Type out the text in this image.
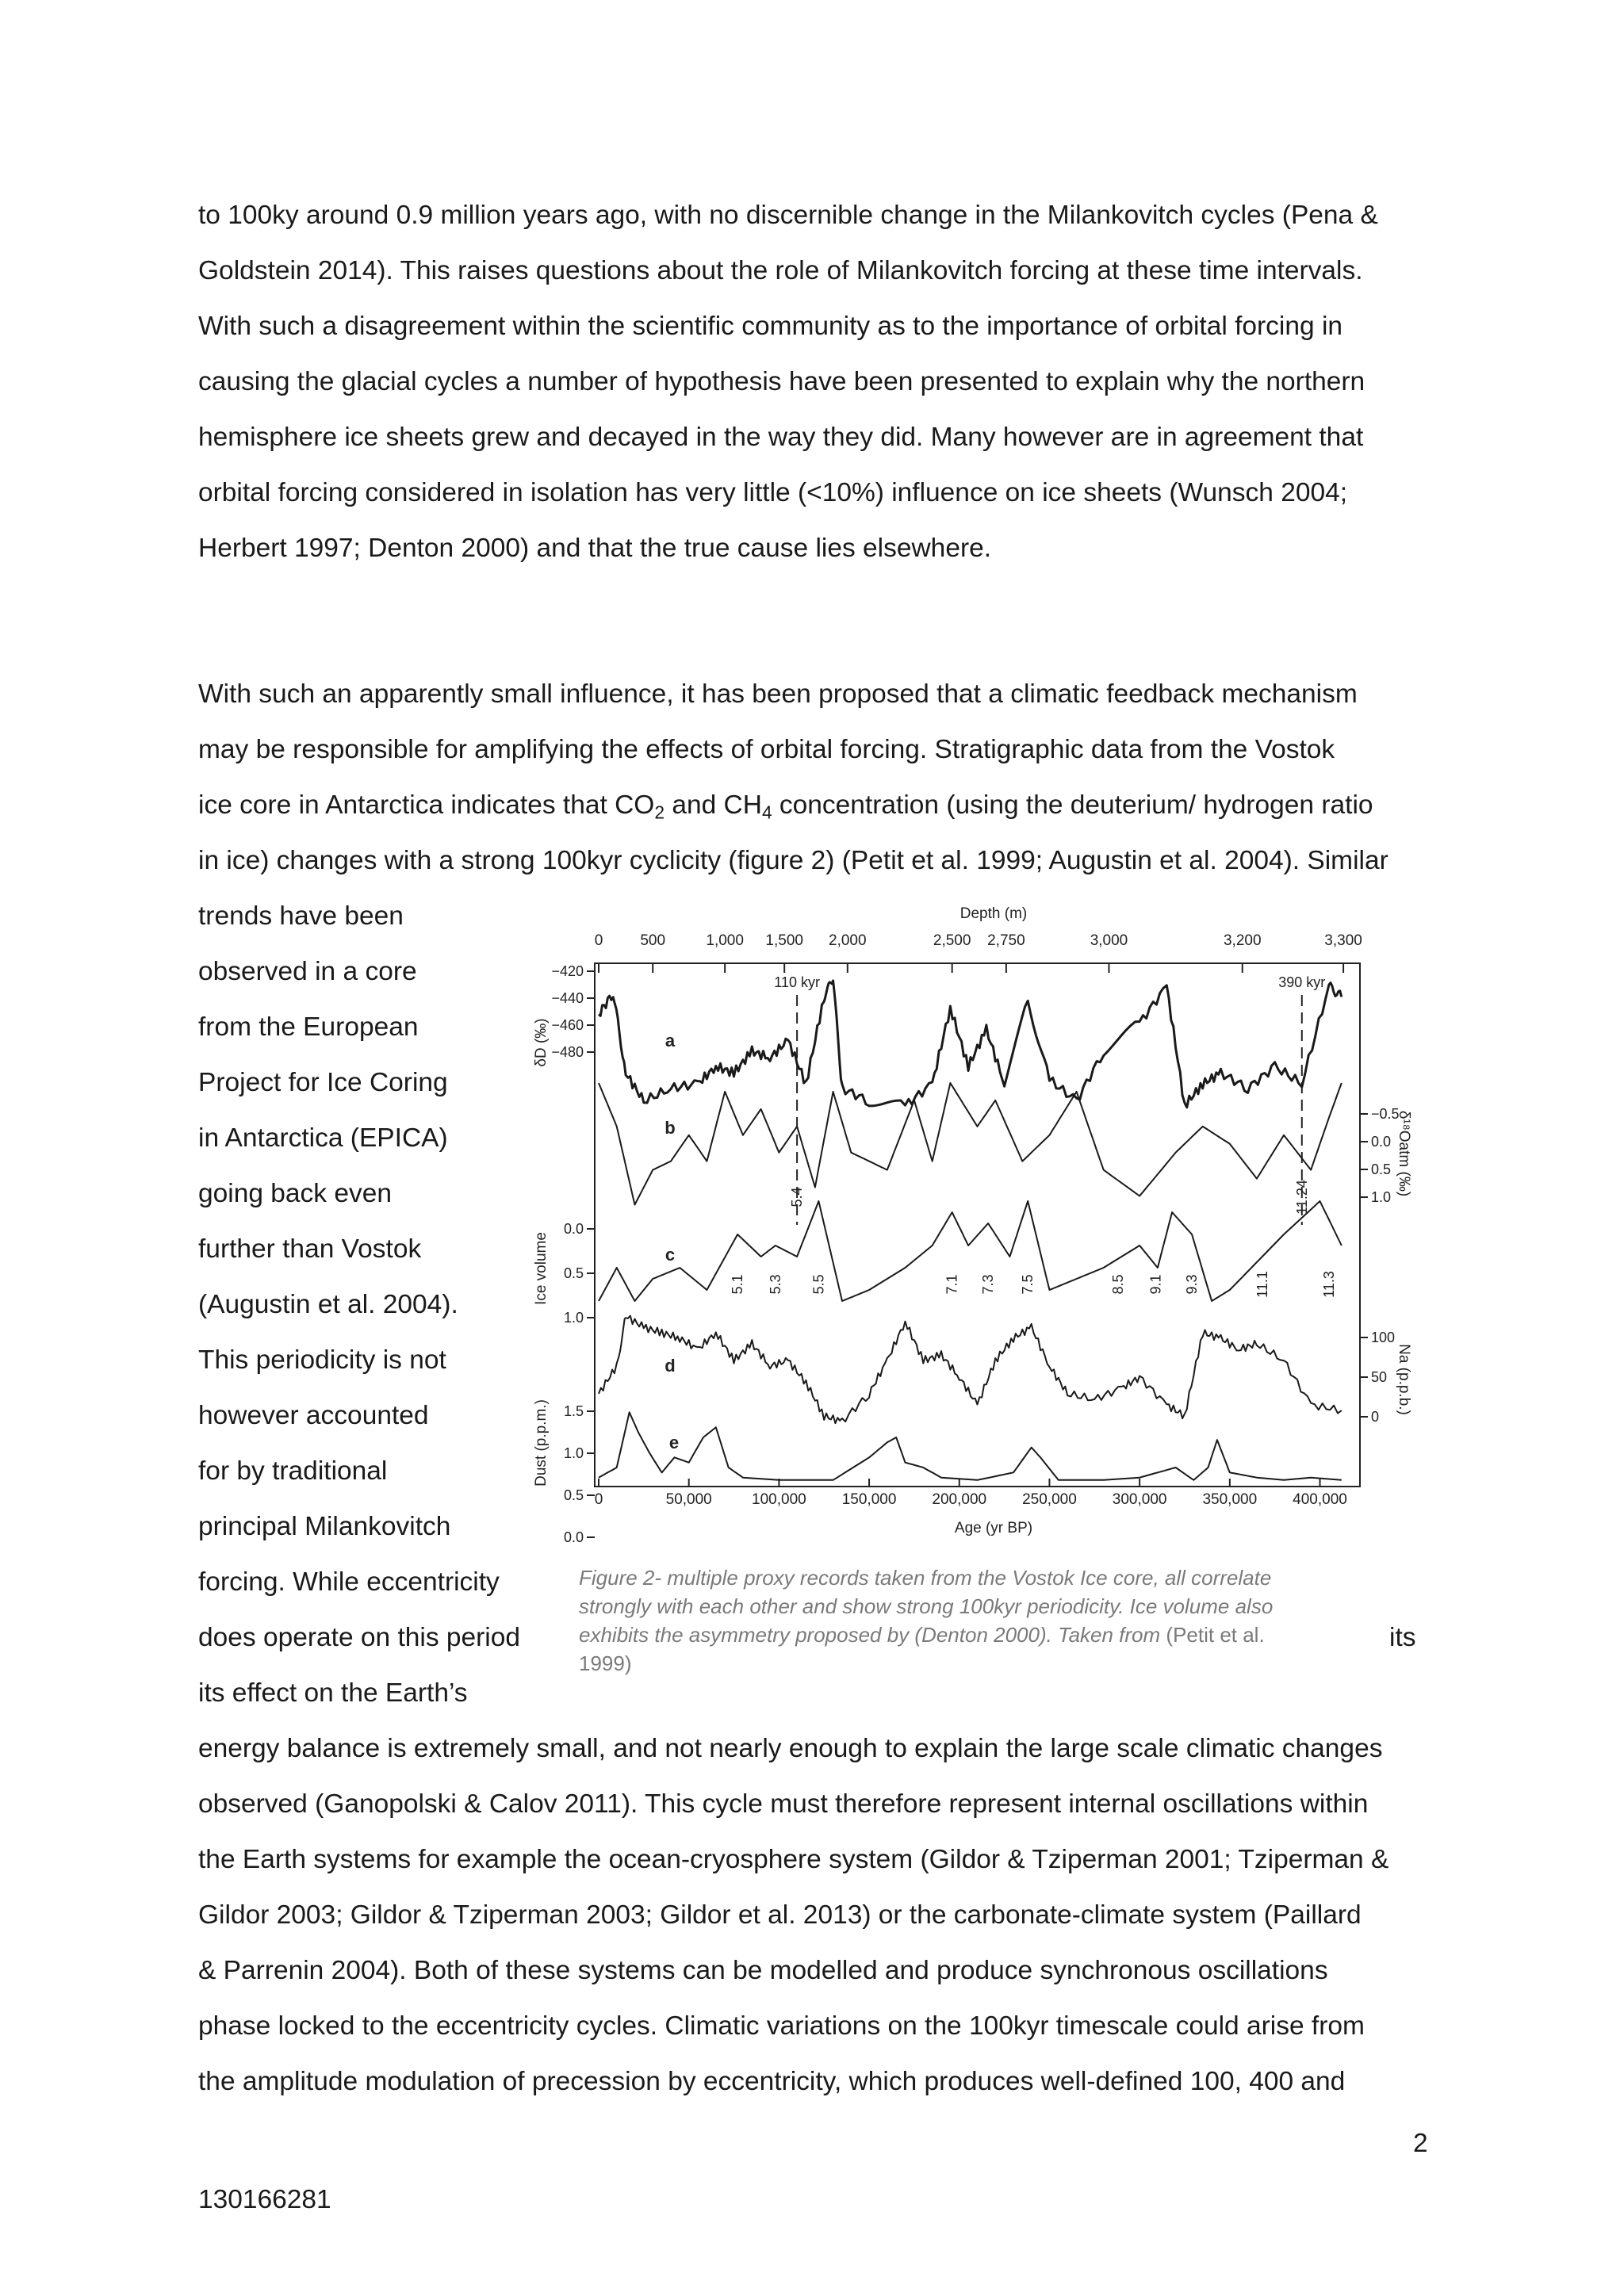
to 100ky around 0.9 million years ago, with no discernible change in the Milankovitch cycles (Pena &
Goldstein 2014). This raises questions about the role of Milankovitch forcing at these time intervals.
With such a disagreement within the scientific community as to the importance of orbital forcing in
causing the glacial cycles a number of hypothesis have been presented to explain why the northern
hemisphere ice sheets grew and decayed in the way they did. Many however are in agreement that
orbital forcing considered in isolation has very little (<10%) influence on ice sheets (Wunsch 2004;
Herbert 1997; Denton 2000) and that the true cause lies elsewhere.
With such an apparently small influence, it has been proposed that a climatic feedback mechanism
may be responsible for amplifying the effects of orbital forcing. Stratigraphic data from the Vostok
ice core in Antarctica indicates that $CO_2$ and $CH_4$ concentration (using the deuterium/ hydrogen ratio
in ice) changes with a strong 100kyr cyclicity (figure 2) (Petit et al. 1999; Augustin et al. 2004). Similar
trends have been
observed in a core
from the European
Project for Ice Coring
in Antarctica (EPICA)
going back even
further than Vostok
(Augustin et al. 2004).
This periodicity is not
however accounted
for by traditional
principal Milankovitch
forcing. While eccentricity
does operate on this period	its
its effect on the Earth’s
energy balance is extremely small, and not nearly enough to explain the large scale climatic changes
observed (Ganopolski & Calov 2011). This cycle must therefore represent internal oscillations within
the Earth systems for example the ocean-cryosphere system (Gildor & Tziperman 2001; Tziperman &
Gildor 2003; Gildor & Tziperman 2003; Gildor et al. 2013) or the carbonate-climate system (Paillard
& Parrenin 2004). Both of these systems can be modelled and produce synchronous oscillations
phase locked to the eccentricity cycles. Climatic variations on the 100kyr timescale could arise from
the amplitude modulation of precession by eccentricity, which produces well-defined 100, 400 and
Depth (m)
0 500	1,000 1,500 2,000	2,500 2,750	3,000	3,200	3,300
0	50,000	100,000 150,000 200,000 250,000 300,000 350,000 400,000
Age (yr BP)
110 kyr	390 kyr
a
−420
−440
−460
−480
δD (‰)
b
−0.5
0.0
0.5
1.0
δ¹⁸Oatm (‰)
c
0.0
0.5
1.0
Ice volume
d
100
50
0
Na (p.p.b.)
e
1.5
1.0
0.5
0.0
Dust (p.p.m.)
5.1 5.3
5.4
5.5	7.1 7.3 7.5	8.5 9.1 9.3	11.1
11.24
11.3
Figure 2- multiple proxy records taken from the Vostok Ice core, all correlate
strongly with each other and show strong 100kyr periodicity. Ice volume also
exhibits the asymmetry proposed by (Denton 2000). Taken from (Petit et al.
1999)
2
130166281
